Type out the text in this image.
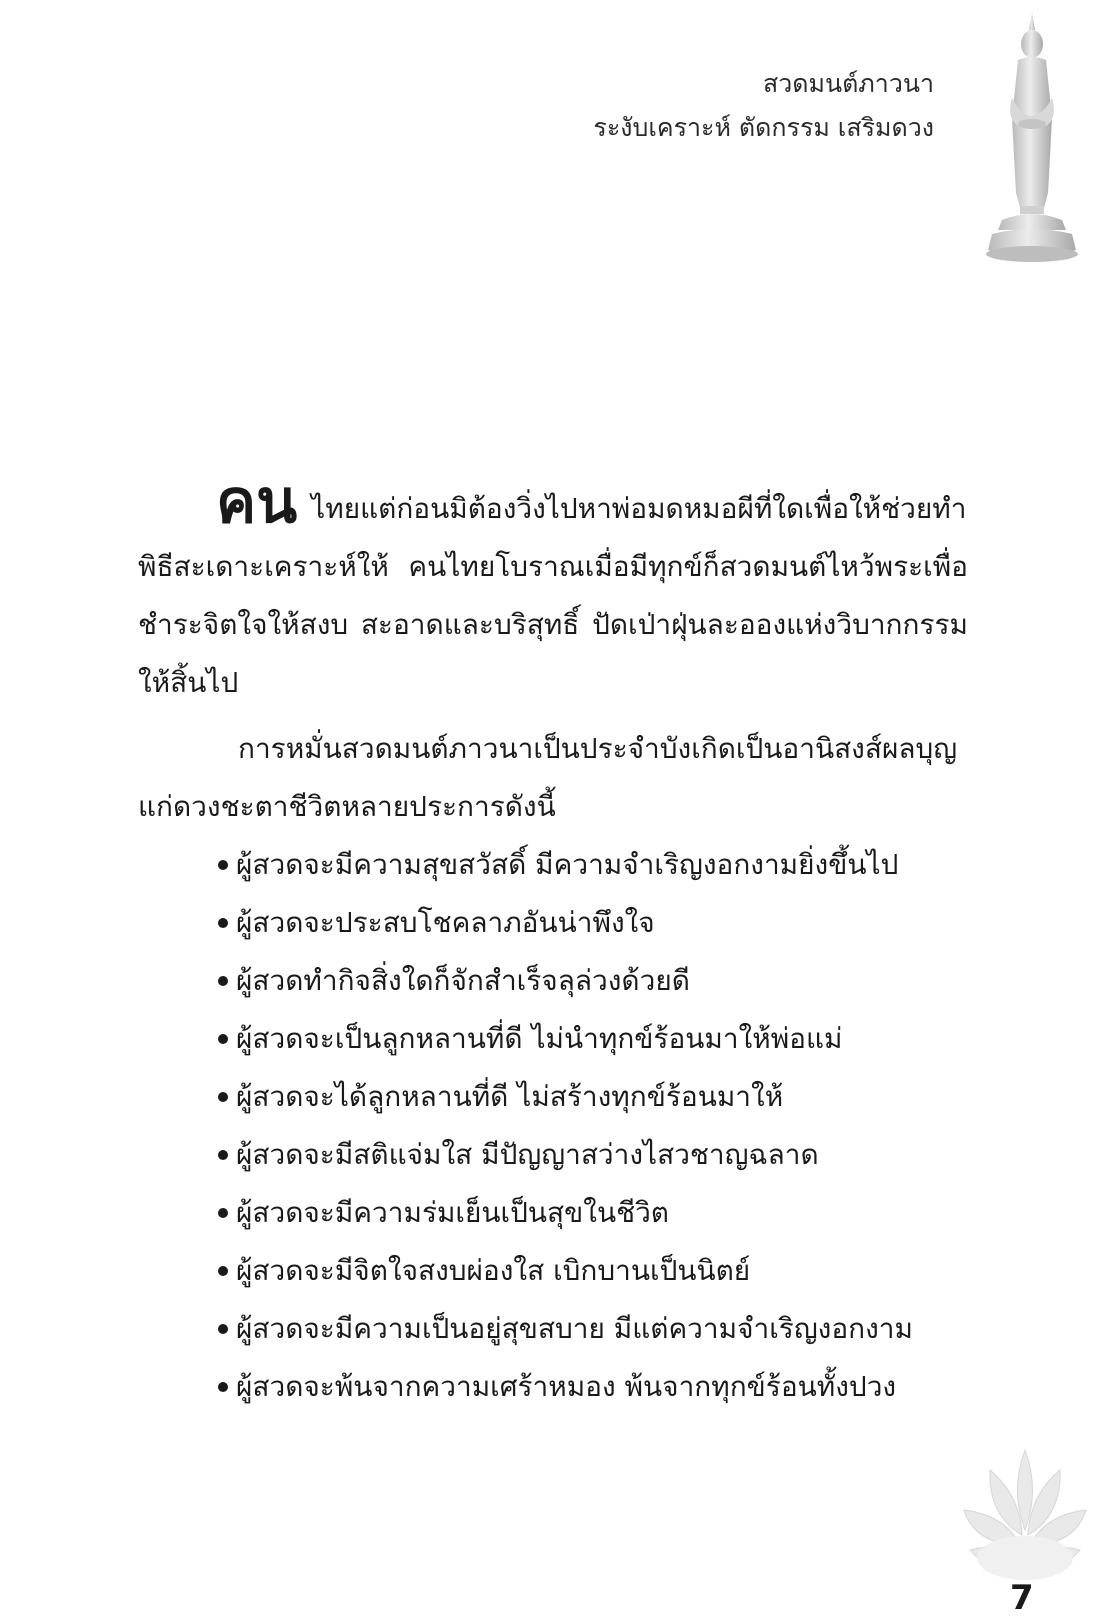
สวดมนต์ภาวนา
ระงับเคราะห์ ตัดกรรม เสริมดวง
คน ไทยแต่ก่อนมิต้องวิ่งไปหาพ่อมดหมอผีที่ใดเพื่อให้ช่วยทำพิธีสะเดาะเคราะห์ให้ คนไทยโบราณเมื่อมีทุกข์ก็สวดมนต์ไหว้พระเพื่อชำระจิตใจให้สงบ สะอาดและบริสุทธิ์ ปัดเป่าฝุ่นละอองแห่งวิบากกรรมให้สิ้นไป
การหมั่นสวดมนต์ภาวนาเป็นประจำบังเกิดเป็นอานิสงส์ผลบุญแก่ดวงชะตาชีวิตหลายประการดังนี้
ผู้สวดจะมีความสุขสวัสดิ์ มีความจำเริญงอกงามยิ่งขึ้นไป
ผู้สวดจะประสบโชคลาภอันน่าพึงใจ
ผู้สวดทำกิจสิ่งใดก็จักสำเร็จลุล่วงด้วยดี
ผู้สวดจะเป็นลูกหลานที่ดี ไม่นำทุกข์ร้อนมาให้พ่อแม่
ผู้สวดจะได้ลูกหลานที่ดี ไม่สร้างทุกข์ร้อนมาให้
ผู้สวดจะมีสติแจ่มใส มีปัญญาสว่างไสวชาญฉลาด
ผู้สวดจะมีความร่มเย็นเป็นสุขในชีวิต
ผู้สวดจะมีจิตใจสงบผ่องใส เบิกบานเป็นนิตย์
ผู้สวดจะมีความเป็นอยู่สุขสบาย มีแต่ความจำเริญงอกงาม
ผู้สวดจะพ้นจากความเศร้าหมอง พ้นจากทุกข์ร้อนทั้งปวง
7
